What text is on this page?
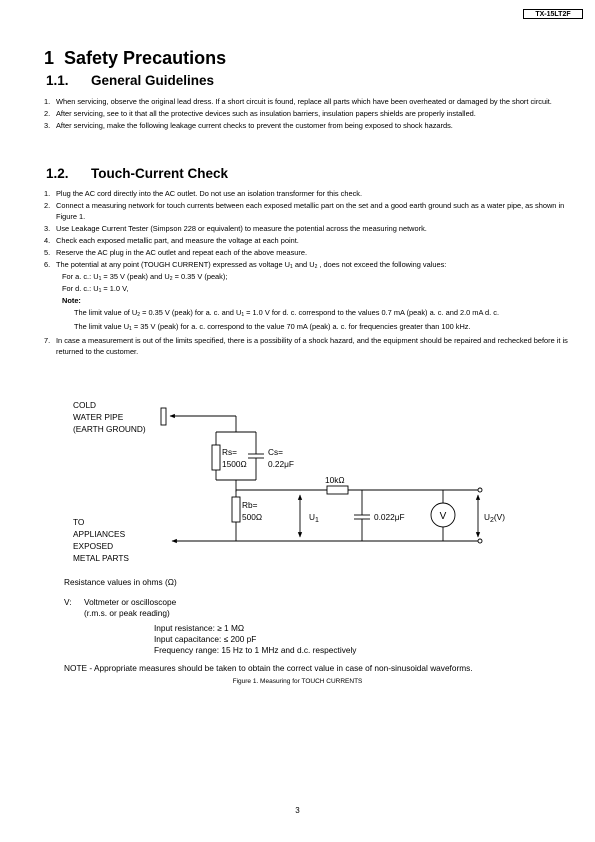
TX-15LT2F
1 Safety Precautions
1.1. General Guidelines
1. When servicing, observe the original lead dress. If a short circuit is found, replace all parts which have been overheated or damaged by the short circuit.
2. After servicing, see to it that all the protective devices such as insulation barriers, insulation papers shields are properly installed.
3. After servicing, make the following leakage current checks to prevent the customer from being exposed to shock hazards.
1.2. Touch-Current Check
1. Plug the AC cord directly into the AC outlet. Do not use an isolation transformer for this check.
2. Connect a measuring network for touch currents between each exposed metallic part on the set and a good earth ground such as a water pipe, as shown in Figure 1.
3. Use Leakage Current Tester (Simpson 228 or equivalent) to measure the potential across the measuring network.
4. Check each exposed metallic part, and measure the voltage at each point.
5. Reserve the AC plug in the AC outlet and repeat each of the above measure.
6. The potential at any point (TOUGH CURRENT) expressed as voltage $U_1$ and $U_2$ , does not exceed the following values:
For a. c.: $U_1 = 35$ V (peak) and $U_2 = 0.35$ V (peak);
For d. c.: $U_1 = 1.0$ V,
Note:
The limit value of $U_2 = 0.35$ V (peak) for a. c. and $U_1 = 1.0$ V for d. c. correspond to the values 0.7 mA (peak) a. c. and 2.0 mA d. c.
The limit value $U_1 = 35$ V (peak) for a. c. correspond to the value 70 mA (peak) a. c. for frequencies greater than 100 kHz.
7. In case a measurement is out of the limits specified, there is a possibility of a shock hazard, and the equipment should be repaired and rechecked before it is returned to the customer.
COLD
WATER PIPE
(EARTH GROUND)
Rs=
1500Ω
Cs=
0.22μF
10kΩ
Rb=
500Ω	$U_1$	0.022μF	V	$U_2(V)$
TO
APPLIANCES
EXPOSED
METAL PARTS
Resistance values in ohms (Ω)
V: Voltmeter or oscilloscope
(r.m.s. or peak reading)
Input resistance: ≥ 1 MΩ
Input capacitance: ≤ 200 pF
Frequency range: 15 Hz to 1 MHz and d.c. respectively
NOTE - Appropriate measures should be taken to obtain the correct value in case of non-sinusoidal waveforms.
Figure 1. Measuring for TOUCH CURRENTS
3
